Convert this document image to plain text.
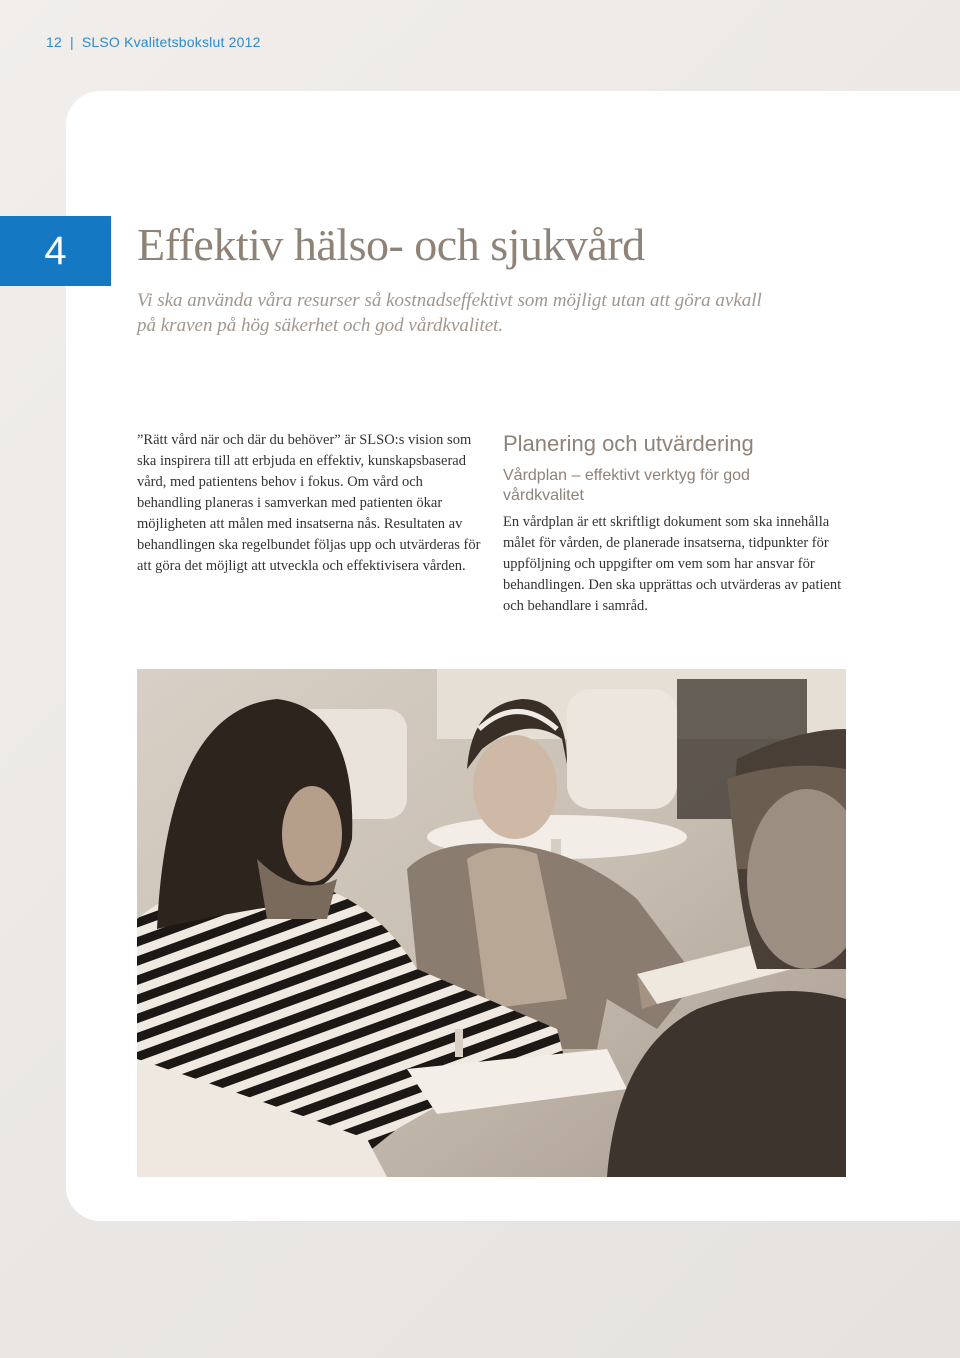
12 | SLSO Kvalitetsbokslut 2012
4 Effektiv hälso- och sjukvård
Vi ska använda våra resurser så kostnadseffektivt som möjligt utan att göra avkall på kraven på hög säkerhet och god vårdkvalitet.

”Rätt vård när och där du behöver” är SLSO:s vision som ska inspirera till att erbjuda en effektiv, kunskapsbaserad vård, med patientens behov i fokus. Om vård och behandling planeras i samverkan med patienten ökar möjligheten att målen med insatserna nås. Resultaten av behandlingen ska regelbundet följas upp och utvärderas för att göra det möjligt att utveckla och effektivisera vården.

Planering och utvärdering
Vårdplan – effektivt verktyg för god vårdkvalitet

En vårdplan är ett skriftligt dokument som ska innehålla målet för vården, de planerade insatserna, tidpunkter för uppföljning och uppgifter om vem som har ansvar för behandlingen. Den ska upprättas och utvärderas av patient och behandlare i samråd.
